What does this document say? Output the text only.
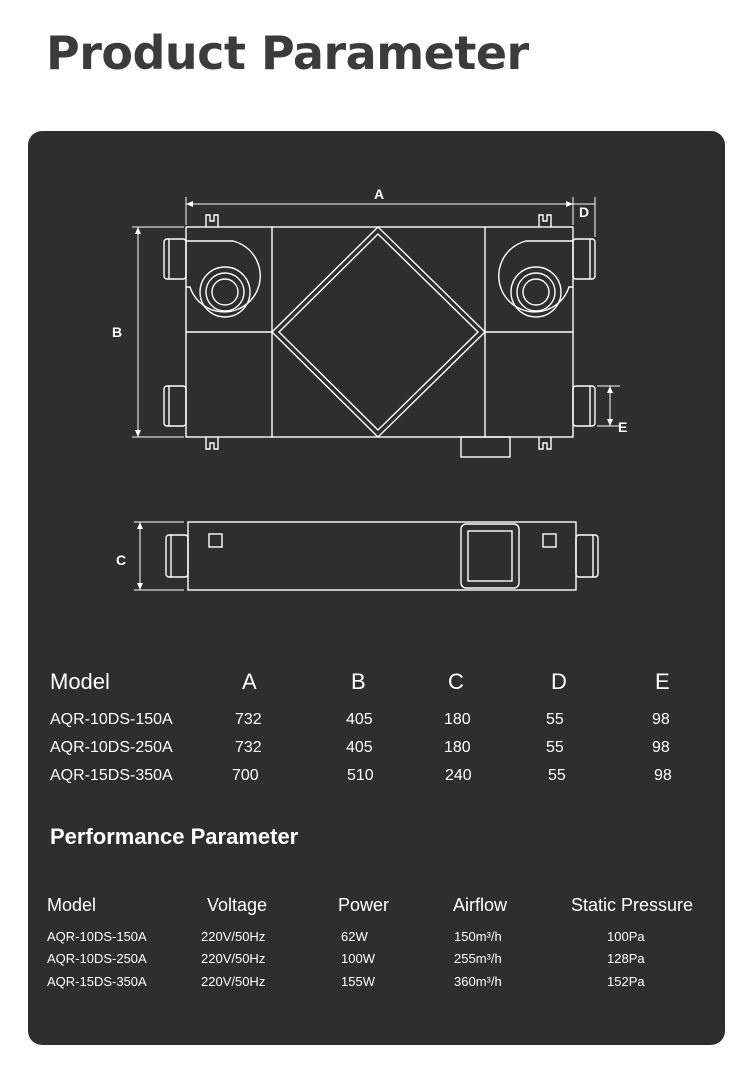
Product Parameter
A
D
B
E
C
Model	A	B	C	D	E
AQR-10DS-150A	732	405	180	55	98
AQR-10DS-250A	732	405	180	55	98
AQR-15DS-350A	700	510	240	55	98
Performance Parameter
Model	Voltage	Power	Airflow	Static Pressure
AQR-10DS-150A	220V/50Hz	62W	150m³/h	100Pa
AQR-10DS-250A	220V/50Hz	100W	255m³/h	128Pa
AQR-15DS-350A	220V/50Hz	155W	360m³/h	152Pa
